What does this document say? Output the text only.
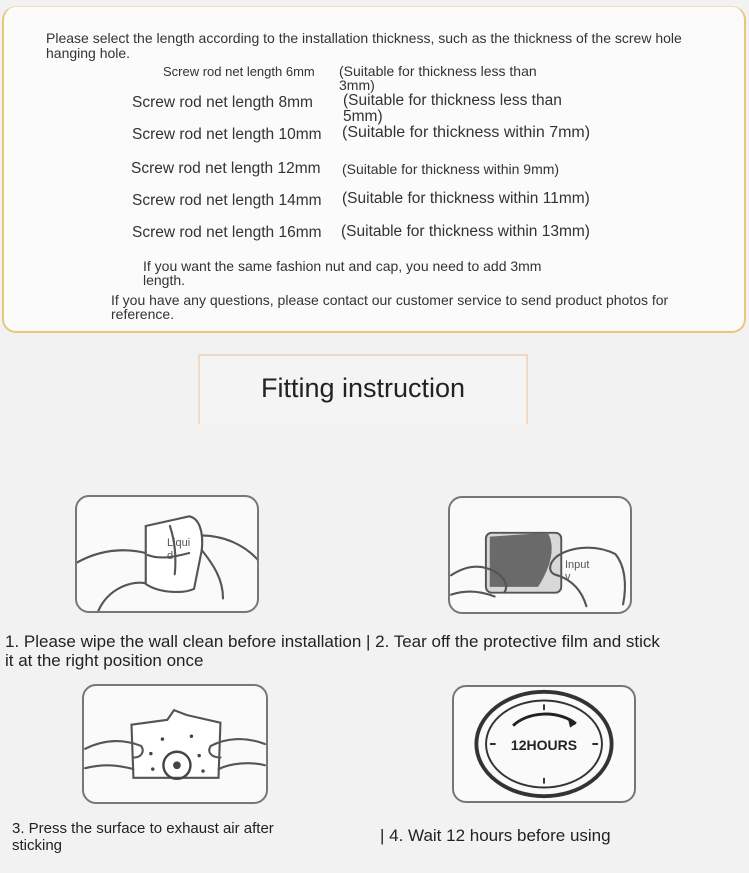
Please select the length according to the installation thickness, such as the thickness of the screw hole
hanging hole.
Screw rod net length 6mm (Suitable for thickness less than
3mm)
Screw rod net length 8mm (Suitable for thickness less than
5mm)
Screw rod net length 10mm (Suitable for thickness within 7mm)
Screw rod net length 12mm (Suitable for thickness within 9mm)
Screw rod net length 14mm (Suitable for thickness within 11mm)
Screw rod net length 16mm (Suitable for thickness within 13mm)
If you want the same fashion nut and cap, you need to add 3mm
length.
If you have any questions, please contact our customer service to send product photos for
reference.
Fitting instruction
Liqui
d
Input
v
1. Please wipe the wall clean before installation | 2. Tear off the protective film and stick
it at the right position once
12HOURS
3. Press the surface to exhaust air after
sticking
| 4. Wait 12 hours before using
